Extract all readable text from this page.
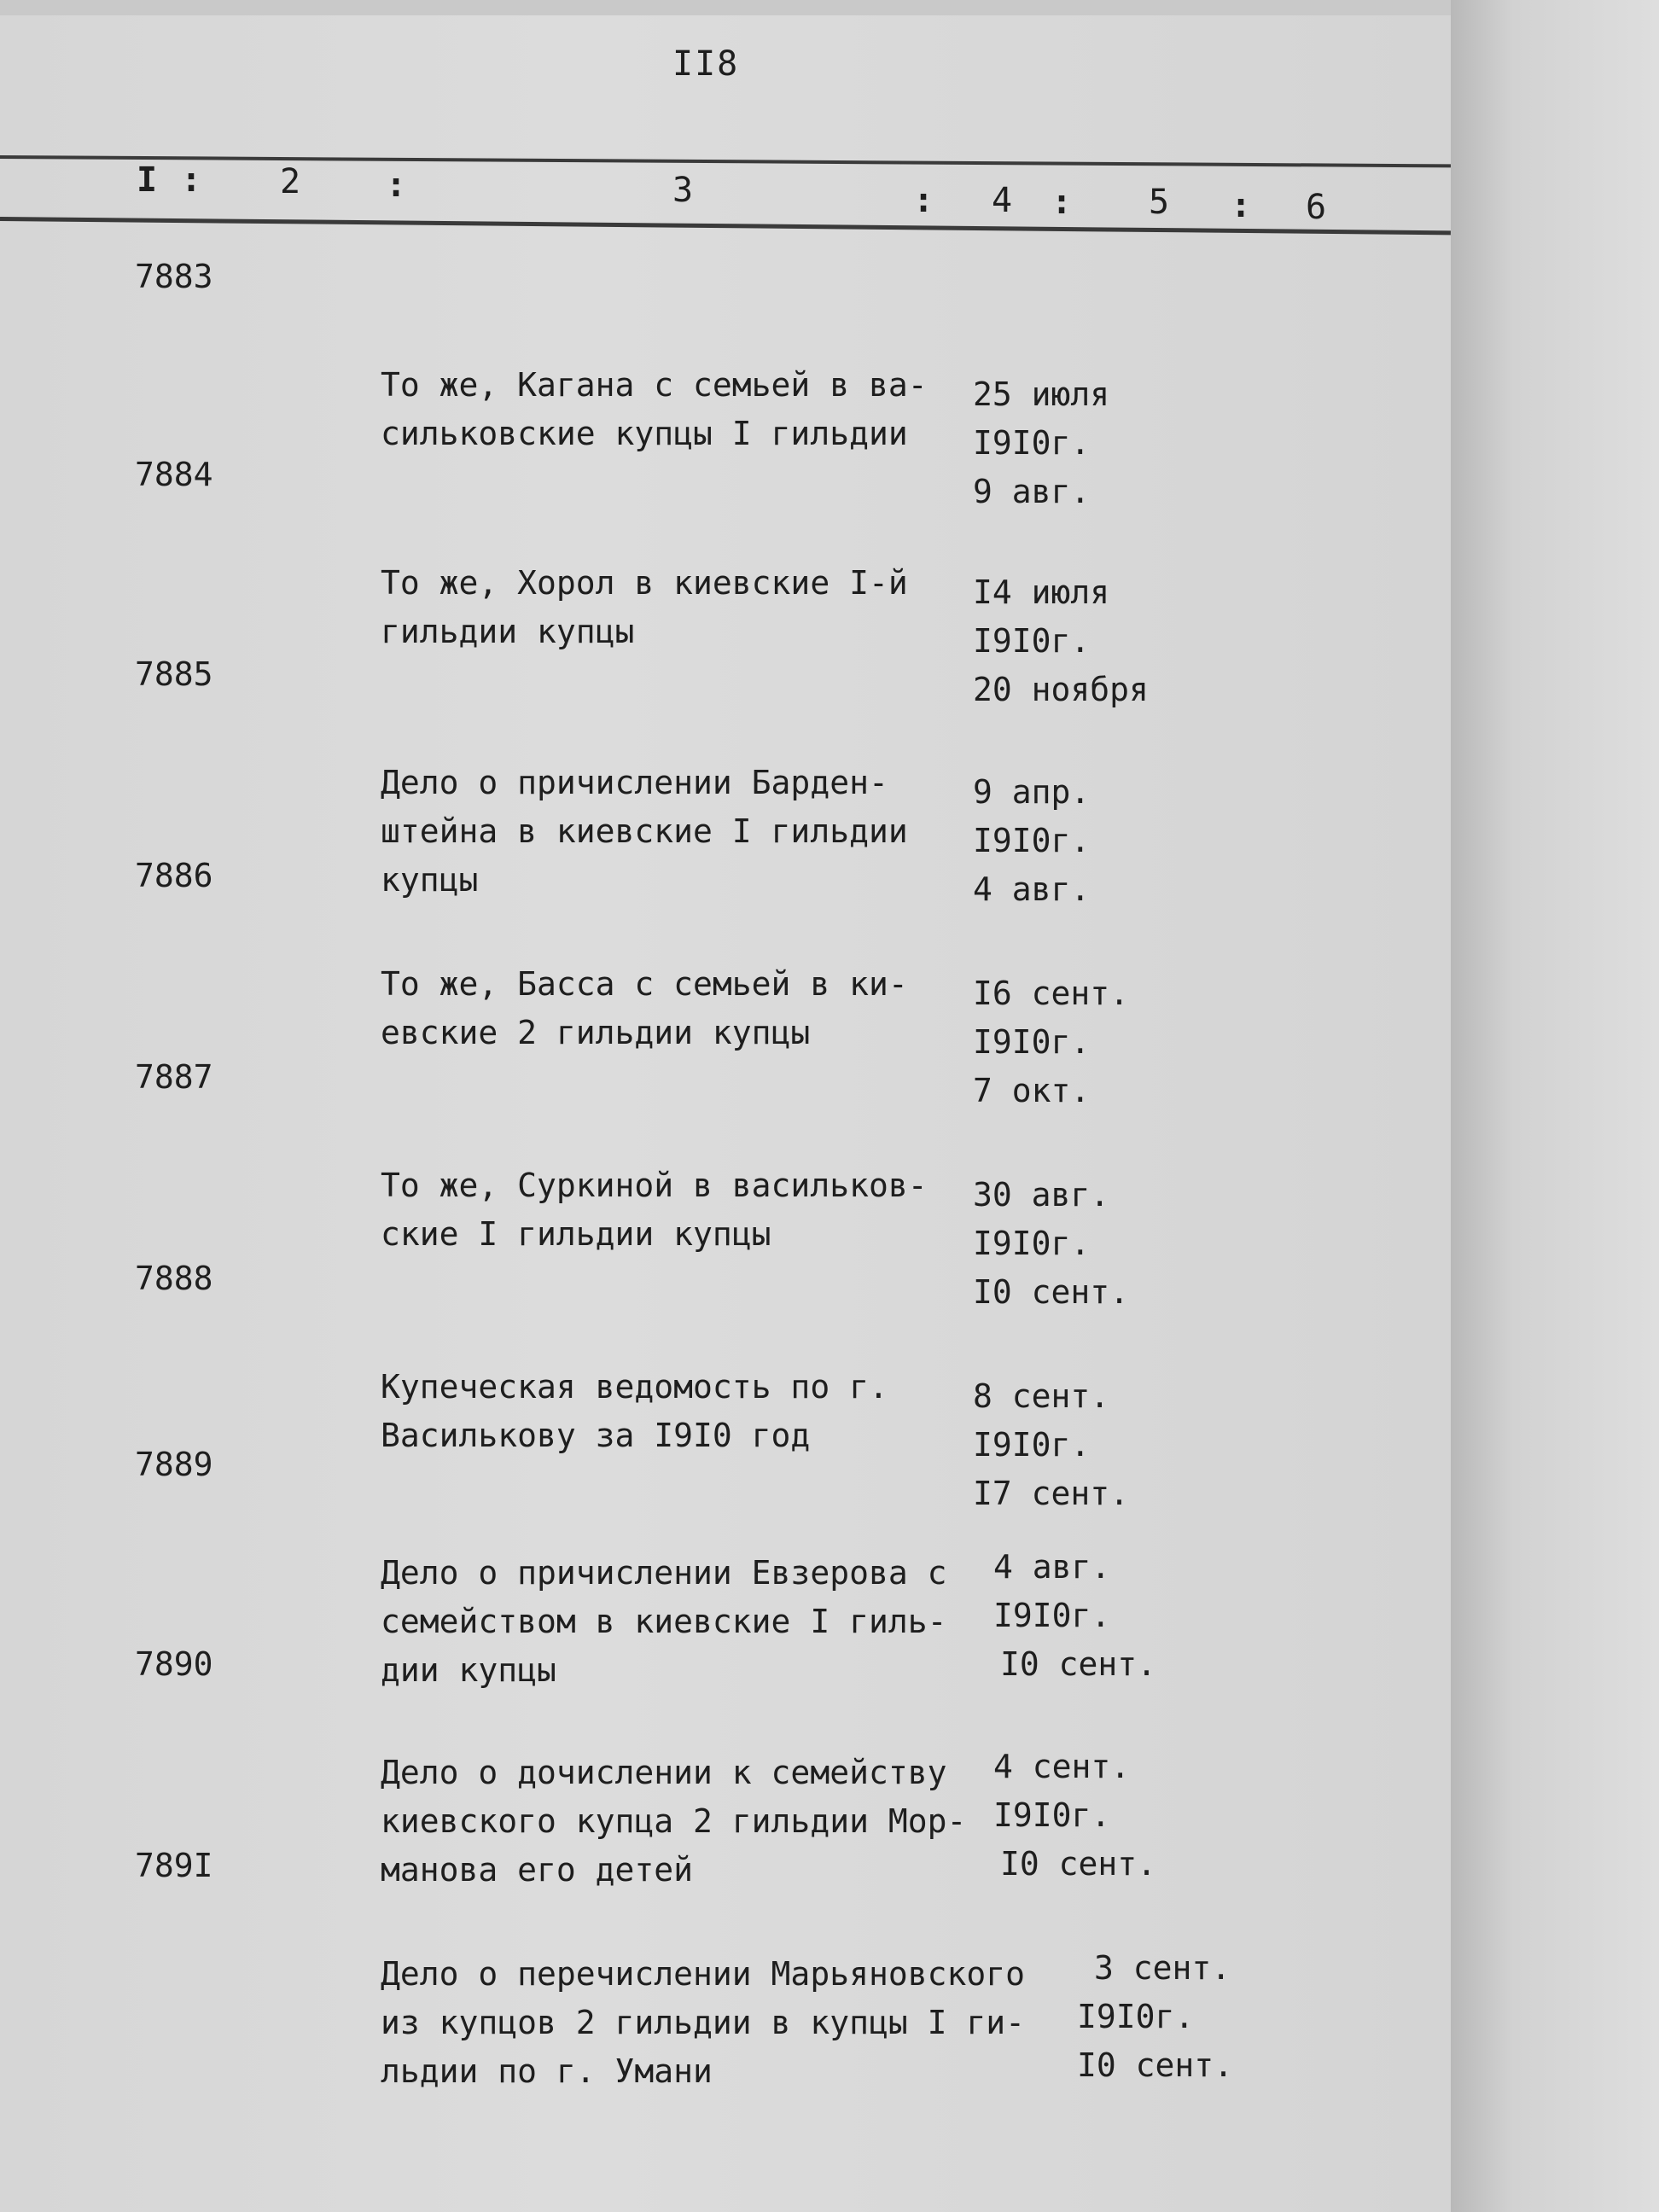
II8
I : 2 :	3	: 4 : 5 : 6
7883

То же, Кагана с семьей в ва-
сильковские купцы I гильдии

25 июля
I9I0г.
9 авг.

7884

То же, Хорол в киевские I-й
гильдии купцы

I4 июля
I9I0г.
20 ноября

7885

Дело о причислении Барден-
штейна в киевские I гильдии
купцы

9 апр.
I9I0г.
4 авг.

7886

То же, Басса с семьей в ки-
евские 2 гильдии купцы

I6 сент.
I9I0г.
7 окт.

7887

То же, Суркиной в васильков-
ские I гильдии купцы

30 авг.
I9I0г.
I0 сент.

7888

Купеческая ведомость по г.
Василькову за I9I0 год

8 сент.
I9I0г.
I7 сент.

7889

Дело о причислении Евзерова с
семейством в киевские I гиль-
дии купцы

4 авг.
I9I0г.
I0 сент.

7890

Дело о дочислении к семейству
киевского купца 2 гильдии Мор-
манова его детей

4 сент.
I9I0г.
I0 сент.

789I

Дело о перечислении Марьяновского
из купцов 2 гильдии в купцы I ги-
льдии по г. Умани

3 сент.
I9I0г.
I0 сент.
